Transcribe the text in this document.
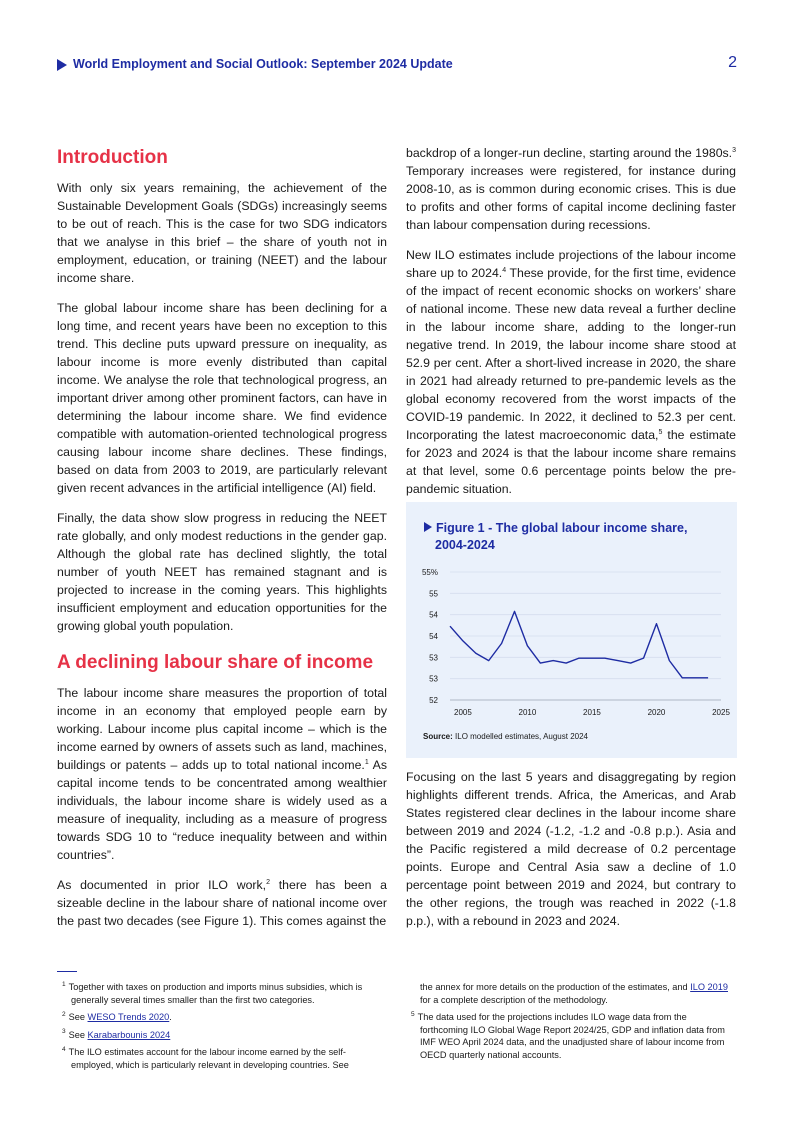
World Employment and Social Outlook: September 2024 Update	2
Introduction

With only six years remaining, the achievement of the Sustainable Development Goals (SDGs) increasingly seems to be out of reach. This is the case for two SDG indicators that we analyse in this brief – the share of youth not in employment, education, or training (NEET) and the labour income share.

The global labour income share has been declining for a long time, and recent years have been no exception to this trend. This decline puts upward pressure on inequality, as labour income is more evenly distributed than capital income. We analyse the role that technological progress, an important driver among other prominent factors, can have in determining the labour income share. We find evidence compatible with automation-oriented technological progress causing labour income share declines. These findings, based on data from 2003 to 2019, are particularly relevant given recent advances in the artificial intelligence (AI) field.

Finally, the data show slow progress in reducing the NEET rate globally, and only modest reductions in the gender gap. Although the global rate has declined slightly, the total number of youth NEET has remained stagnant and is projected to increase in the coming years. This highlights insufficient employment and education opportunities for the growing global youth population.

A declining labour share of income

The labour income share measures the proportion of total income in an economy that employed people earn by working. Labour income plus capital income – which is the income earned by owners of assets such as land, machines, buildings or patents – adds up to total national income.$^1$ As capital income tends to be concentrated among wealthier individuals, the labour income share is widely used as a measure of inequality, including as a measure of progress towards SDG 10 to “reduce inequality between and within countries”.

As documented in prior ILO work,$^2$ there has been a sizeable decline in the labour share of national income over the past two decades (see Figure 1). This comes against the

backdrop of a longer-run decline, starting around the 1980s.$^3$ Temporary increases were registered, for instance during 2008-10, as is common during economic crises. This is due to profits and other forms of capital income declining faster than labour compensation during recessions.

New ILO estimates include projections of the labour income share up to 2024.$^4$ These provide, for the first time, evidence of the impact of recent economic shocks on workers’ share of national income. These new data reveal a further decline in the labour income share, adding to the longer-run negative trend. In 2019, the labour income share stood at 52.9 per cent. After a short-lived increase in 2020, the share in 2021 had already returned to pre-pandemic levels as the global economy recovered from the worst impacts of the COVID-19 pandemic. In 2022, it declined to 52.3 per cent. Incorporating the latest macroeconomic data,$^5$ the estimate for 2023 and 2024 is that the labour income share remains at that level, some 0.6 percentage points below the pre-pandemic situation.

Figure 1 - The global labour income share,
2004-2024
52
53
53
54
54
55
55%
2005	2010	2015	2020	2025
Source: ILO modelled estimates, August 2024

Focusing on the last 5 years and disaggregating by region highlights different trends. Africa, the Americas, and Arab States registered clear declines in the labour income share between 2019 and 2024 (-1.2, -1.2 and -0.8 p.p.). Asia and the Pacific registered a mild decrease of 0.2 percentage points. Europe and Central Asia saw a decline of 1.0 percentage point between 2019 and 2024, but contrary to the other regions, the trough was reached in 2022 (-1.8 p.p.), with a rebound in 2023 and 2024.

$^1$ Together with taxes on production and imports minus subsidies, which is generally several times smaller than the first two categories.
$^2$ See WESO Trends 2020.
$^3$ See Karabarbounis 2024
$^4$ The ILO estimates account for the labour income earned by the self-employed, which is particularly relevant in developing countries. See
the annex for more details on the production of the estimates, and ILO 2019 for a complete description of the methodology.
$^5$ The data used for the projections includes ILO wage data from the forthcoming ILO Global Wage Report 2024/25, GDP and inflation data from IMF WEO April 2024 data, and the unadjusted share of labour income from OECD quarterly national accounts.
